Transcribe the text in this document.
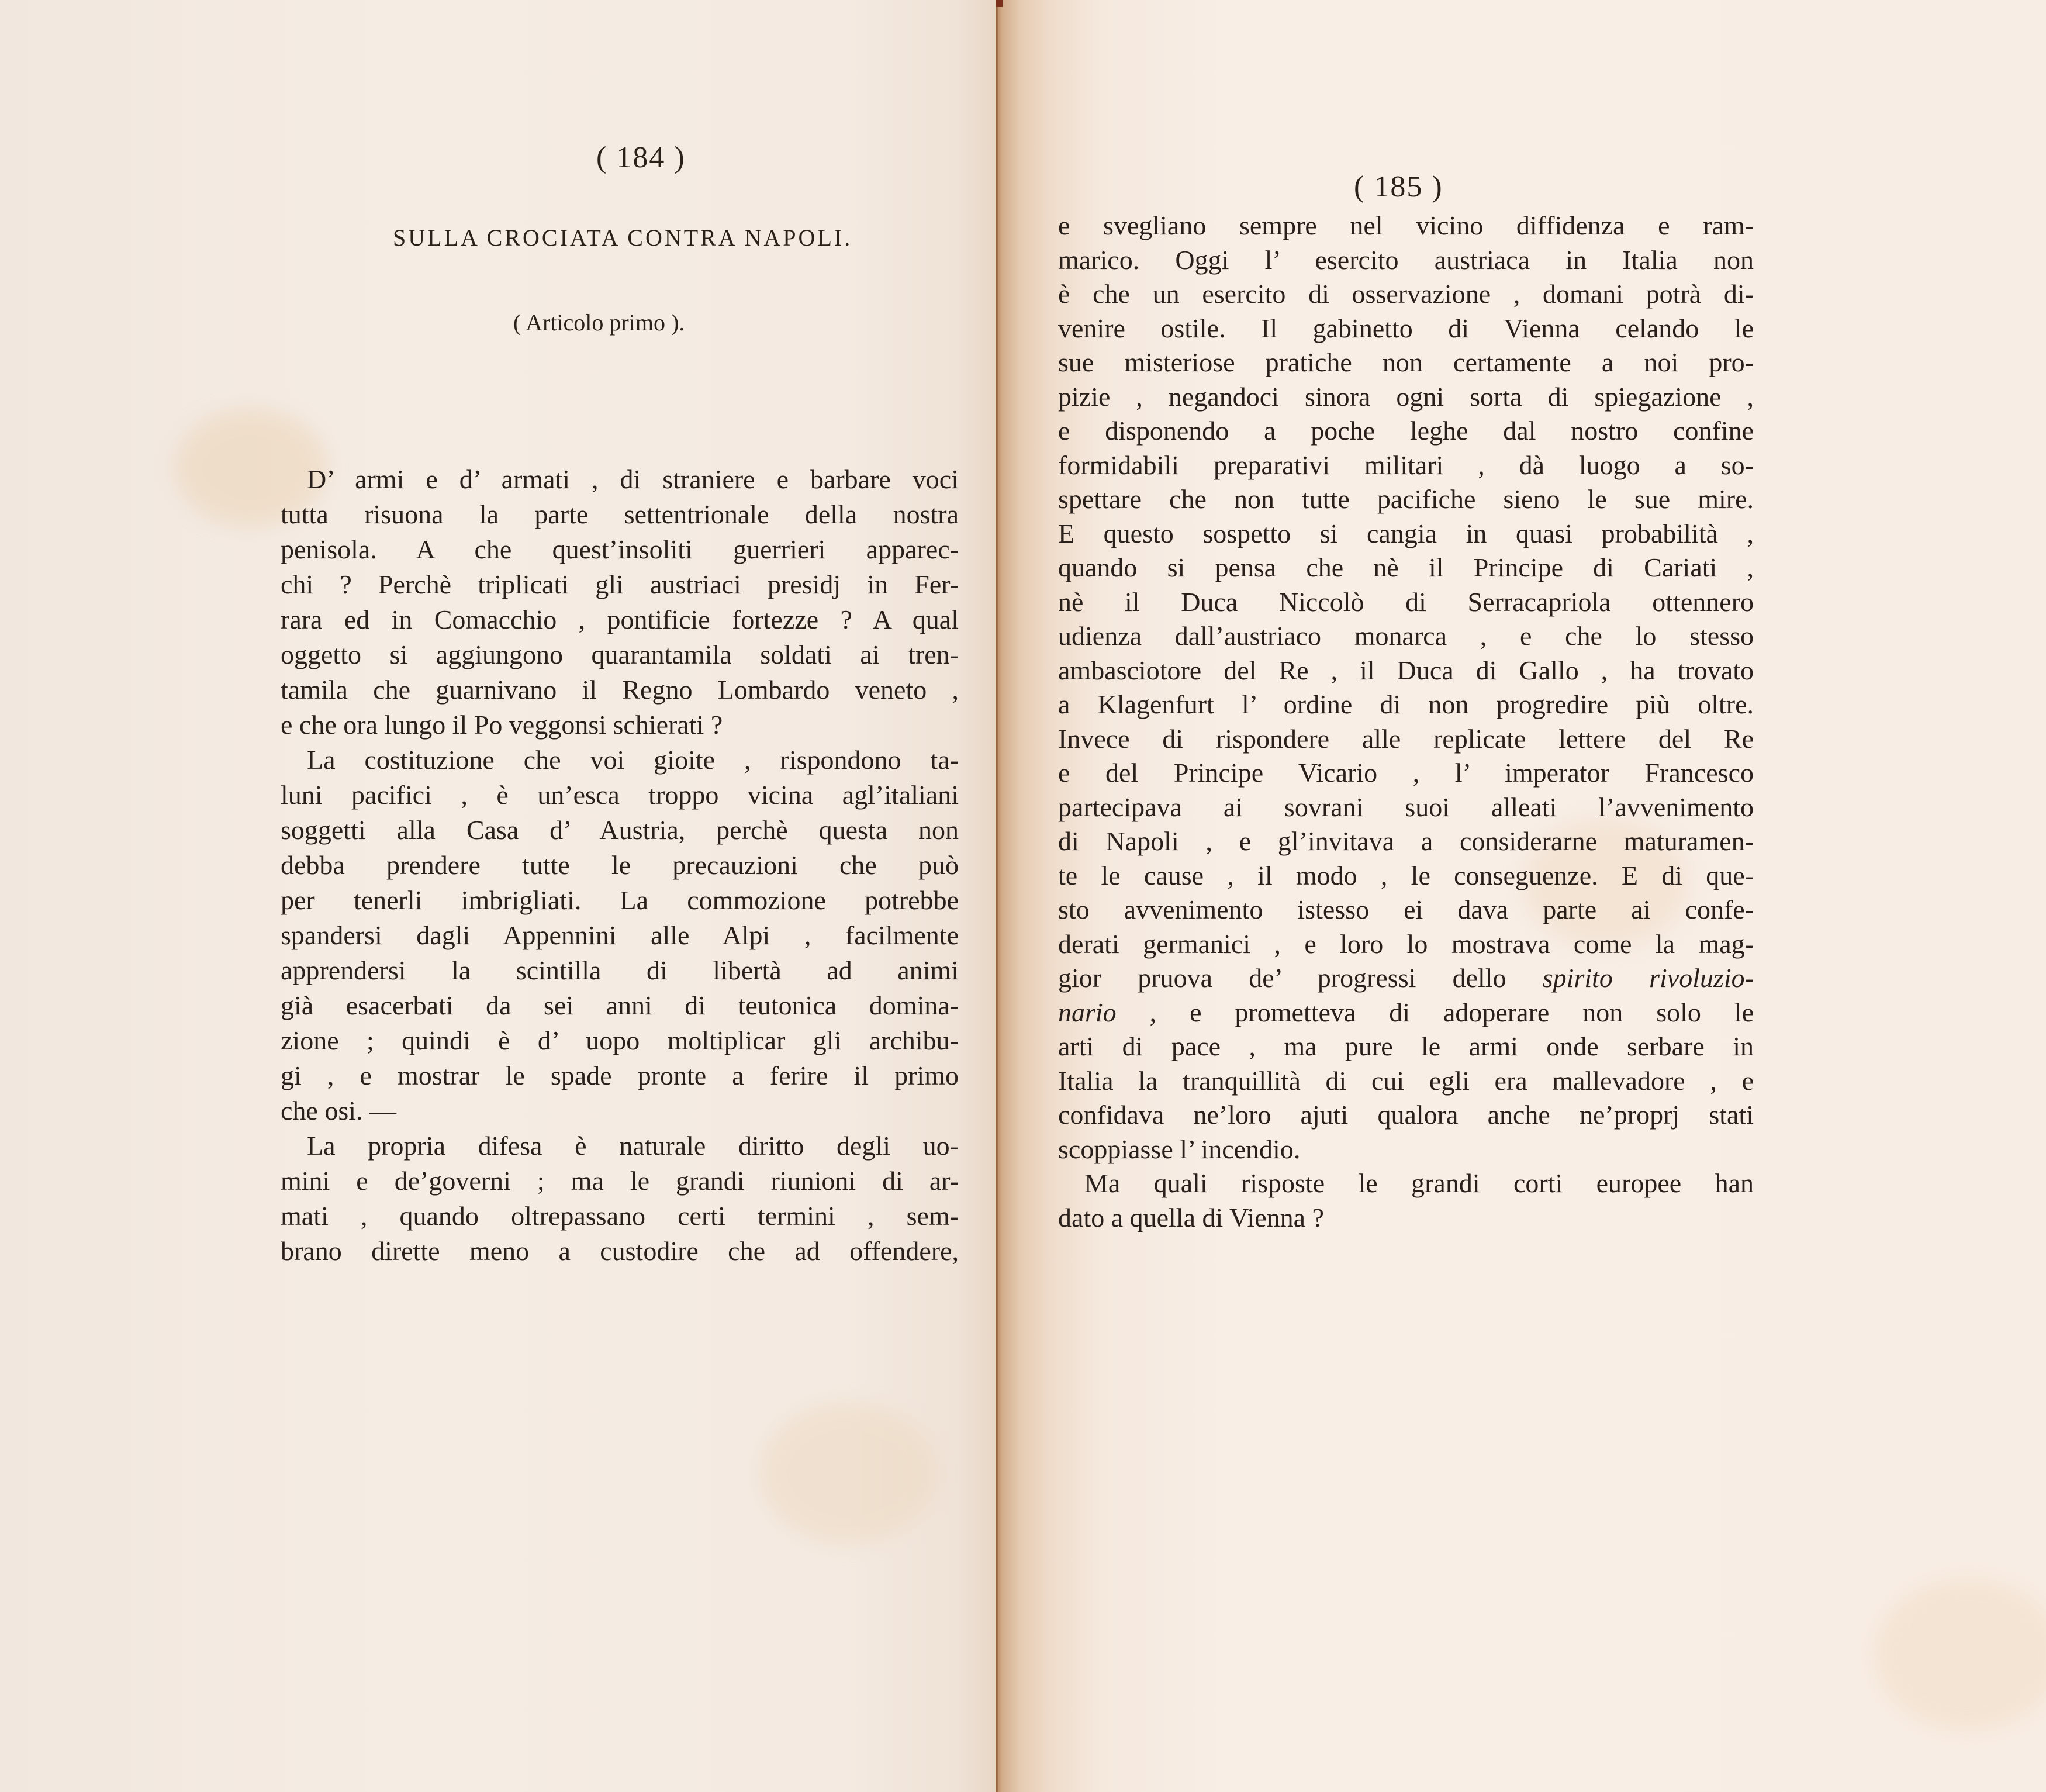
( 184 )
SULLA CROCIATA CONTRA NAPOLI.
( Articolo primo ).
D’ armi e d’ armati , di straniere e barbare voci
tutta risuona la parte settentrionale della nostra
penisola. A che quest’insoliti guerrieri apparec-
chi ? Perchè triplicati gli austriaci presidj in Fer-
rara ed in Comacchio , pontificie fortezze ? A qual
oggetto si aggiungono quarantamila soldati ai tren-
tamila che guarnivano il Regno Lombardo veneto ,
e che ora lungo il Po veggonsi schierati ?
La costituzione che voi gioite , rispondono ta-
luni pacifici , è un’esca troppo vicina agl’italiani
soggetti alla Casa d’ Austria, perchè questa non
debba prendere tutte le precauzioni che può
per tenerli imbrigliati. La commozione potrebbe
spandersi dagli Appennini alle Alpi , facilmente
apprendersi la scintilla di libertà ad animi
già esacerbati da sei anni di teutonica domina-
zione ; quindi è d’ uopo moltiplicar gli archibu-
gi , e mostrar le spade pronte a ferire il primo
che osi. —
La propria difesa è naturale diritto degli uo-
mini e de’governi ; ma le grandi riunioni di ar-
mati , quando oltrepassano certi termini , sem-
brano dirette meno a custodire che ad offendere,
( 185 )
e svegliano sempre nel vicino diffidenza e ram-
marico. Oggi l’ esercito austriaca in Italia non
è che un esercito di osservazione , domani potrà di-
venire ostile. Il gabinetto di Vienna celando le
sue misteriose pratiche non certamente a noi pro-
pizie , negandoci sinora ogni sorta di spiegazione ,
e disponendo a poche leghe dal nostro confine
formidabili preparativi militari , dà luogo a so-
spettare che non tutte pacifiche sieno le sue mire.
E questo sospetto si cangia in quasi probabilità ,
quando si pensa che nè il Principe di Cariati ,
nè il Duca Niccolò di Serracapriola ottennero
udienza dall’austriaco monarca , e che lo stesso
ambasciotore del Re , il Duca di Gallo , ha trovato
a Klagenfurt l’ ordine di non progredire più oltre.
Invece di rispondere alle replicate lettere del Re
e del Principe Vicario , l’ imperator Francesco
partecipava ai sovrani suoi alleati l’avvenimento
di Napoli , e gl’invitava a considerarne maturamen-
te le cause , il modo , le conseguenze. E di que-
sto avvenimento istesso ei dava parte ai confe-
derati germanici , e loro lo mostrava come la mag-
gior pruova de’ progressi dello spirito rivoluzio-
nario , e prometteva di adoperare non solo le
arti di pace , ma pure le armi onde serbare in
Italia la tranquillità di cui egli era mallevadore , e
confidava ne’loro ajuti qualora anche ne’proprj stati
scoppiasse l’ incendio.
Ma quali risposte le grandi corti europee han
dato a quella di Vienna ?
